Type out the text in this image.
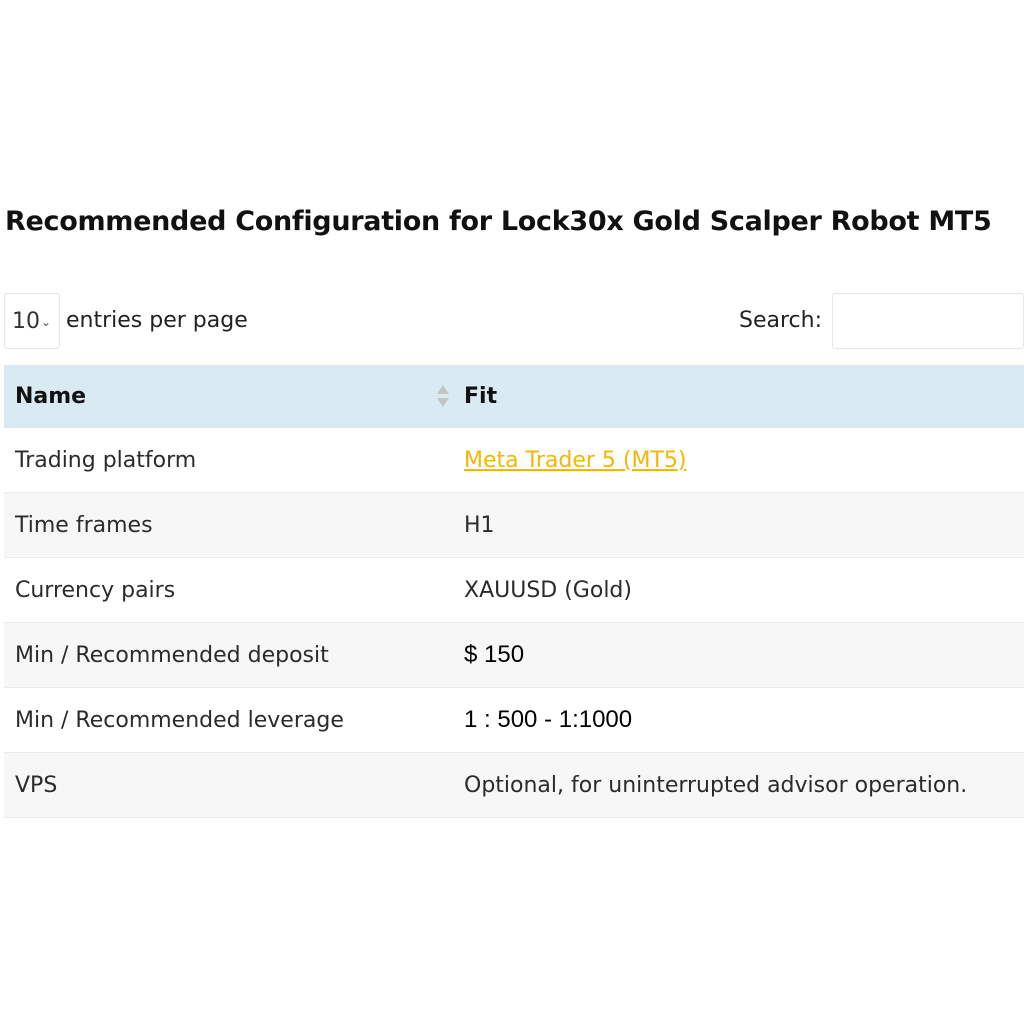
Recommended Configuration for Lock30x Gold Scalper Robot MT5
10 ⌄ entries per page	Search:
Name	Fit
Trading platform	Meta Trader 5 (MT5)
Time frames	H1
Currency pairs	XAUUSD (Gold)
Min / Recommended deposit	$ 150
Min / Recommended leverage	1 : 500 - 1:1000
VPS	Optional, for uninterrupted advisor operation.
